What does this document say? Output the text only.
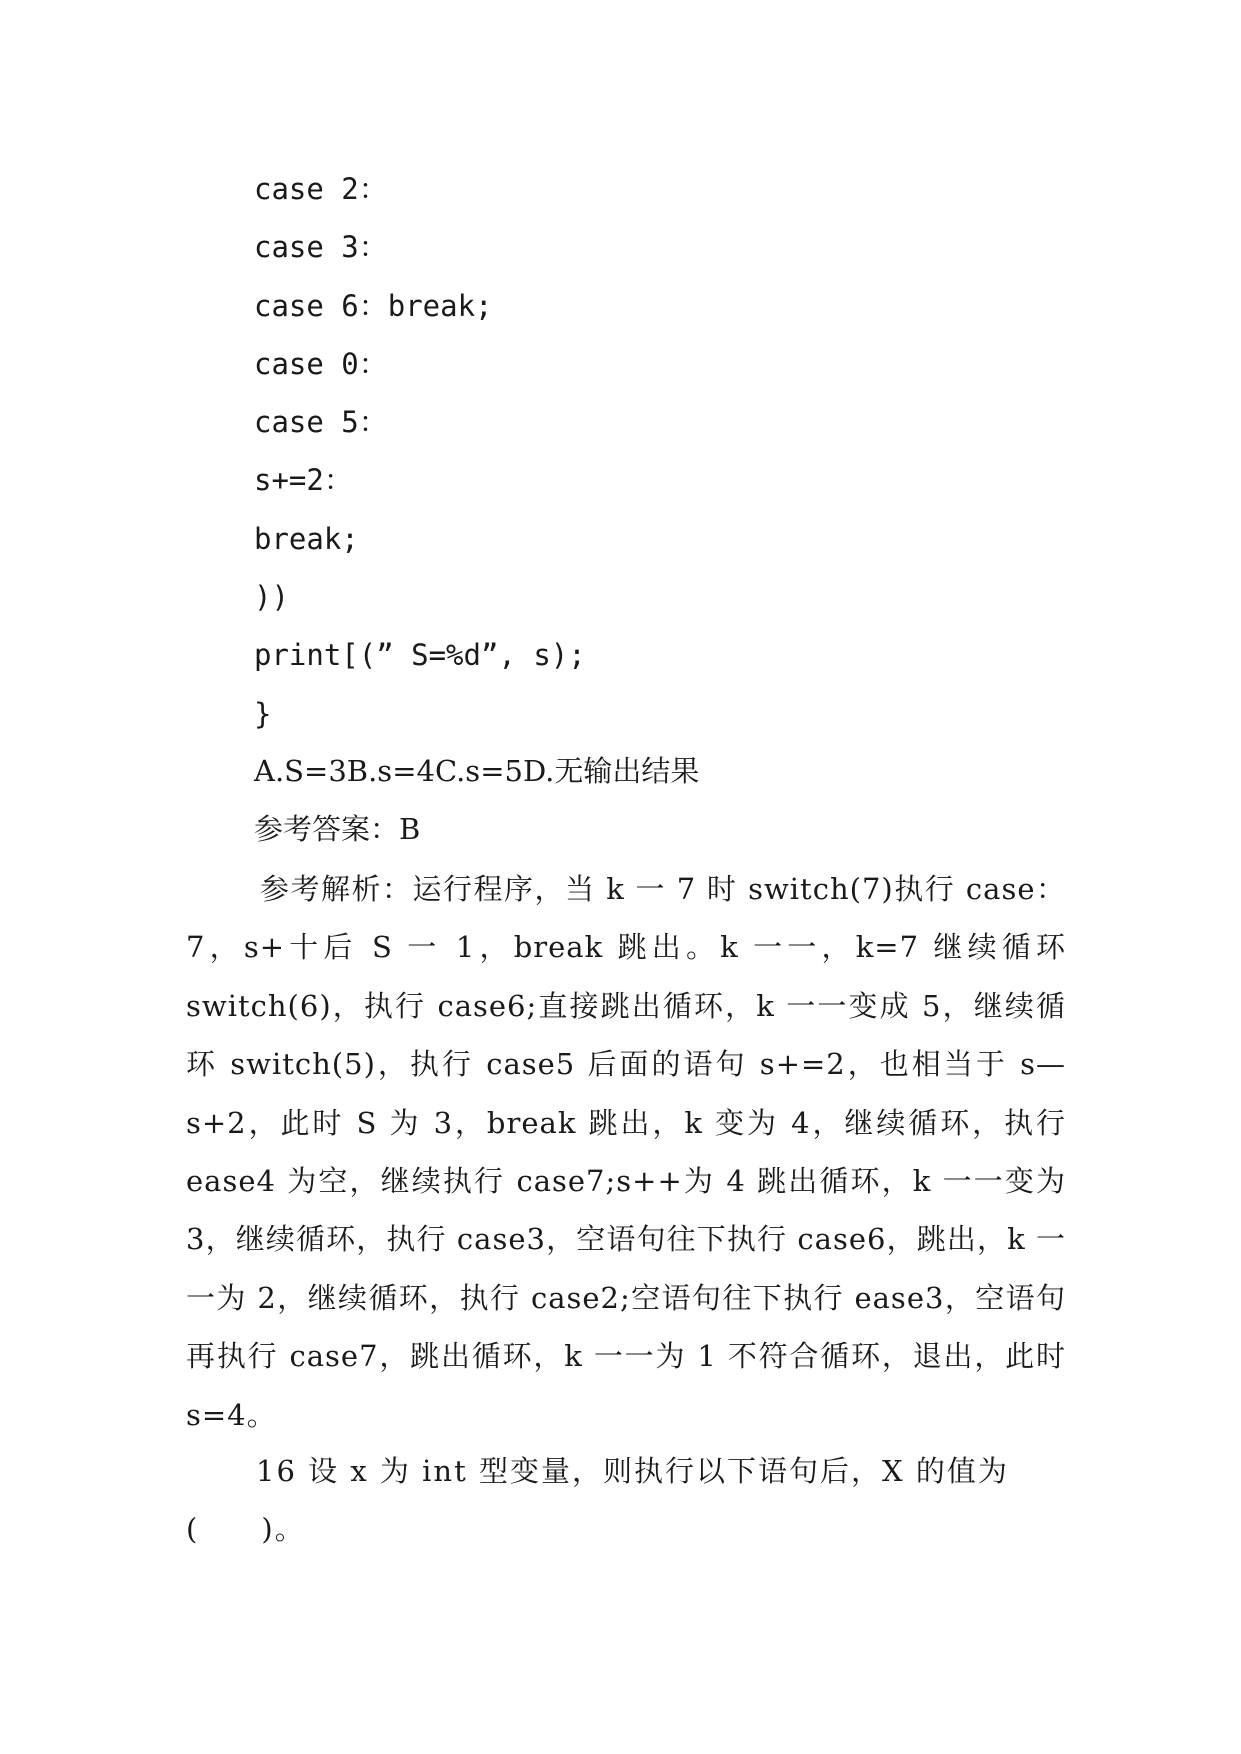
case 2：
case 3：
case 6：break;
case 0：
case 5：
s+=2：
break;
))
print[(” S=%d”, s);
}
A.S=3B.s=4C.s=5D.无输出结果
参考答案：B
参考解析：运行程序，当 k 一 7 时 switch(7)执行 case：7，s+十后 S 一 1，break 跳出。k 一一，k=7 继续循环 switch(6)，执行 case6;直接跳出循环，k 一一变成 5，继续循环 switch(5)，执行 case5 后面的语句 s+=2，也相当于 s—s+2，此时 S 为 3，break 跳出，k 变为 4，继续循环，执行 ease4 为空，继续执行 case7;s++为 4 跳出循环，k 一一变为 3，继续循环，执行 case3，空语句往下执行 case6，跳出，k 一一为 2，继续循环，执行 case2;空语句往下执行 ease3，空语句再执行 case7，跳出循环，k 一一为 1 不符合循环，退出，此时 s=4。
16 设 x 为 int 型变量，则执行以下语句后，X 的值为(　　)。
